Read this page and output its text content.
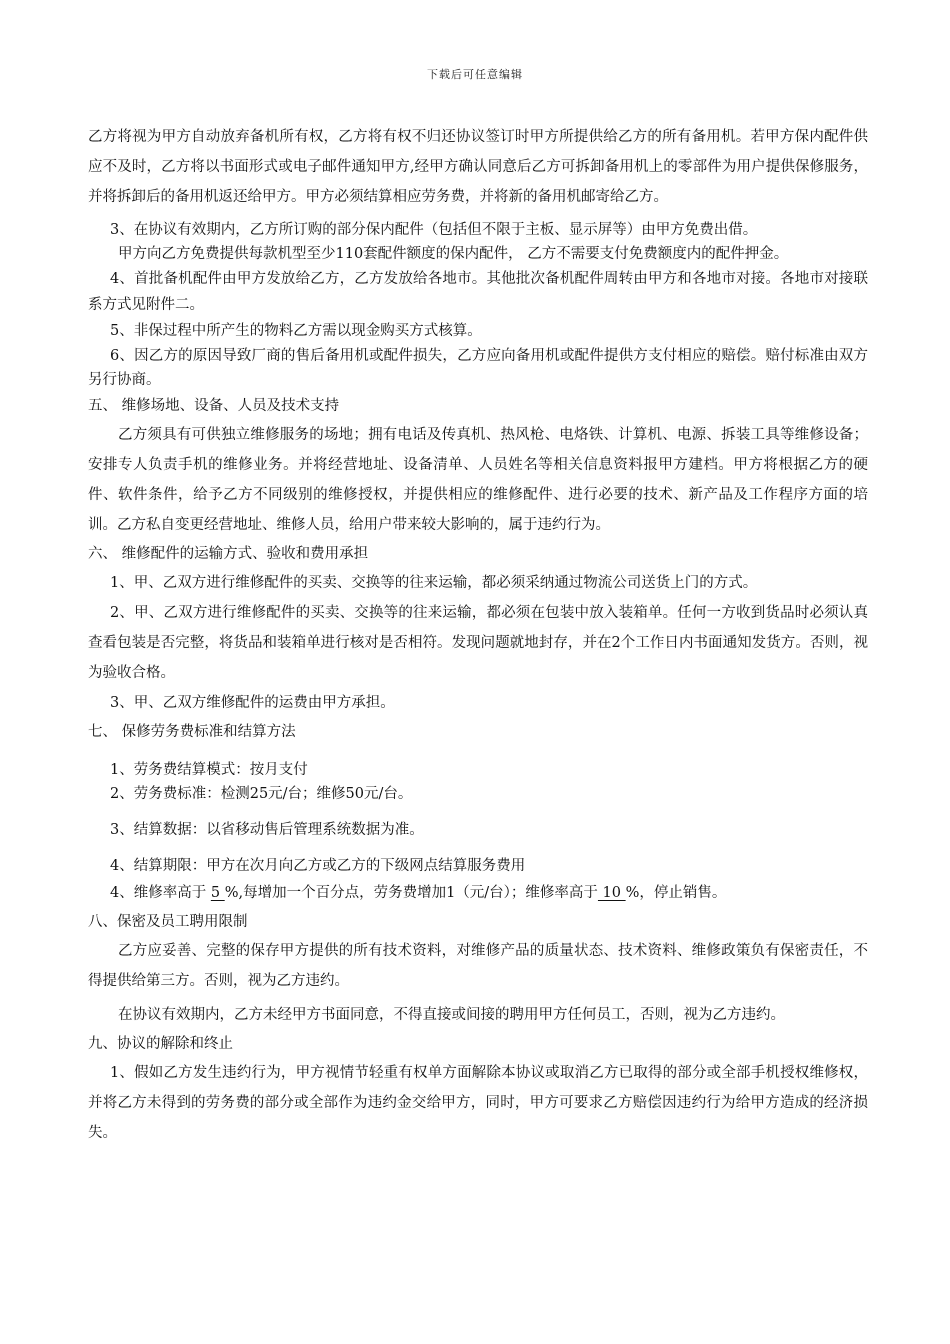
下载后可任意编辑

乙方将视为甲方自动放弃备机所有权，乙方将有权不归还协议签订时甲方所提供给乙方的所有备用机。若甲方保内配件供应不及时，乙方将以书面形式或电子邮件通知甲方,经甲方确认同意后乙方可拆卸备用机上的零部件为用户提供保修服务，并将拆卸后的备用机返还给甲方。甲方必须结算相应劳务费，并将新的备用机邮寄给乙方。

3、在协议有效期内，乙方所订购的部分保内配件（包括但不限于主板、显示屏等）由甲方免费出借。

甲方向乙方免费提供每款机型至少110套配件额度的保内配件， 乙方不需要支付免费额度内的配件押金。

4、首批备机配件由甲方发放给乙方，乙方发放给各地市。其他批次备机配件周转由甲方和各地市对接。各地市对接联系方式见附件二。

5、非保过程中所产生的物料乙方需以现金购买方式核算。

6、因乙方的原因导致厂商的售后备用机或配件损失，乙方应向备用机或配件提供方支付相应的赔偿。赔付标准由双方另行协商。

五、 维修场地、设备、人员及技术支持

乙方须具有可供独立维修服务的场地；拥有电话及传真机、热风枪、电烙铁、计算机、电源、拆装工具等维修设备；安排专人负责手机的维修业务。并将经营地址、设备清单、人员姓名等相关信息资料报甲方建档。甲方将根据乙方的硬件、软件条件，给予乙方不同级别的维修授权，并提供相应的维修配件、进行必要的技术、新产品及工作程序方面的培训。乙方私自变更经营地址、维修人员，给用户带来较大影响的，属于违约行为。

六、 维修配件的运输方式、验收和费用承担

1、甲、乙双方进行维修配件的买卖、交换等的往来运输，都必须采纳通过物流公司送货上门的方式。

2、甲、乙双方进行维修配件的买卖、交换等的往来运输，都必须在包装中放入装箱单。任何一方收到货品时必须认真查看包装是否完整，将货品和装箱单进行核对是否相符。发现问题就地封存，并在2个工作日内书面通知发货方。否则，视为验收合格。

3、甲、乙双方维修配件的运费由甲方承担。

七、 保修劳务费标准和结算方法

1、劳务费结算模式：按月支付

2、劳务费标准：检测25元/台；维修50元/台。

3、结算数据：以省移动售后管理系统数据为准。

4、结算期限：甲方在次月向乙方或乙方的下级网点结算服务费用

4、维修率高于 5 %,每增加一个百分点，劳务费增加1（元/台）；维修率高于 10 %，停止销售。

八、保密及员工聘用限制

乙方应妥善、完整的保存甲方提供的所有技术资料，对维修产品的质量状态、技术资料、维修政策负有保密责任，不得提供给第三方。否则，视为乙方违约。

在协议有效期内，乙方未经甲方书面同意，不得直接或间接的聘用甲方任何员工，否则，视为乙方违约。

九、协议的解除和终止

1、假如乙方发生违约行为，甲方视情节轻重有权单方面解除本协议或取消乙方已取得的部分或全部手机授权维修权，并将乙方未得到的劳务费的部分或全部作为违约金交给甲方，同时，甲方可要求乙方赔偿因违约行为给甲方造成的经济损失。
